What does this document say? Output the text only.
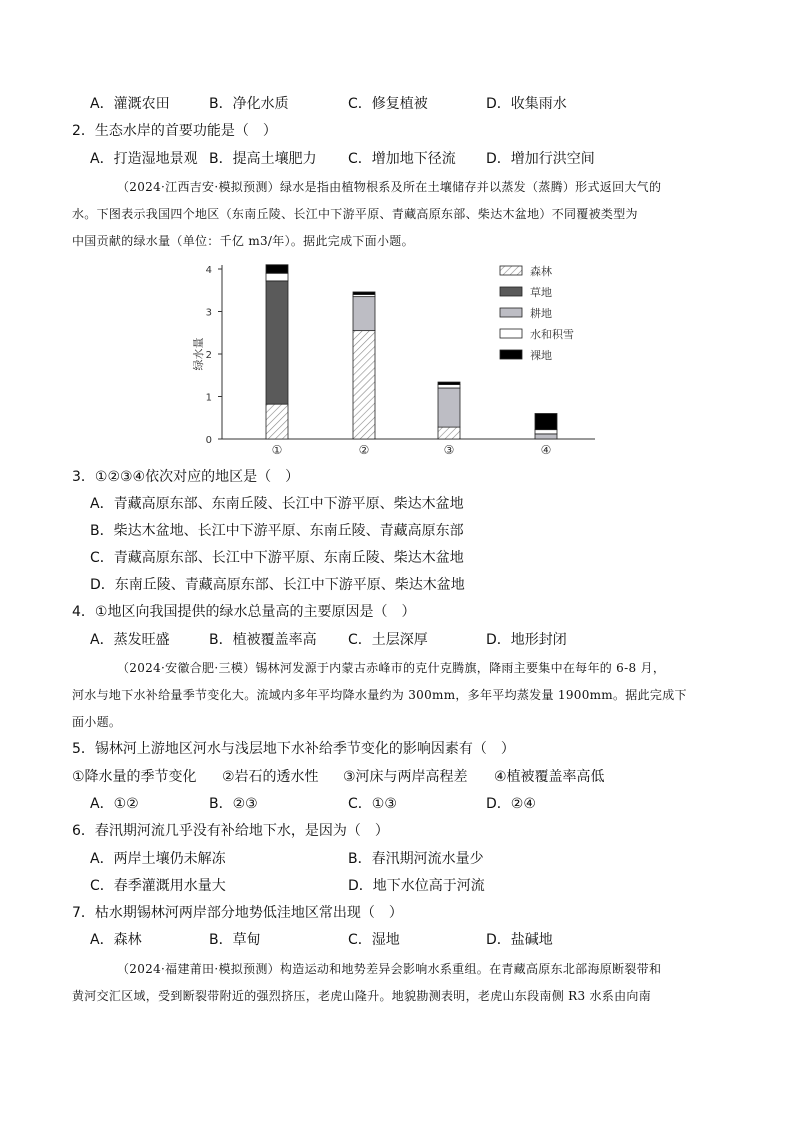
A．灌溉农田	B．净化水质	C．修复植被	D．收集雨水
2．生态水岸的首要功能是（　）
A．打造湿地景观 B．提高土壤肥力 C．增加地下径流 D．增加行洪空间
（2024·江西吉安·模拟预测）绿水是指由植物根系及所在土壤储存并以蒸发（蒸腾）形式返回大气的
水。下图表示我国四个地区（东南丘陵、长江中下游平原、青藏高原东部、柴达木盆地）不同覆被类型为
中国贡献的绿水量（单位：千亿 m3/年）。据此完成下面小题。
0
1
2
3
4
绿水量
①	②	③	④
森林
草地
耕地
水和积雪
裸地
3．①②③④依次对应的地区是（　）
A．青藏高原东部、东南丘陵、长江中下游平原、柴达木盆地
B．柴达木盆地、长江中下游平原、东南丘陵、青藏高原东部
C．青藏高原东部、长江中下游平原、东南丘陵、柴达木盆地
D．东南丘陵、青藏高原东部、长江中下游平原、柴达木盆地
4．①地区向我国提供的绿水总量高的主要原因是（　）
A．蒸发旺盛	B．植被覆盖率高 C．土层深厚	D．地形封闭
（2024·安徽合肥·三模）锡林河发源于内蒙古赤峰市的克什克腾旗，降雨主要集中在每年的 6-8 月，
河水与地下水补给量季节变化大。流域内多年平均降水量约为 300mm，多年平均蒸发量 1900mm。据此完成下
面小题。
5．锡林河上游地区河水与浅层地下水补给季节变化的影响因素有（　）
①降水量的季节变化 ②岩石的透水性 ③河床与两岸高程差 ④植被覆盖率高低
A．①②	B．②③	C．①③	D．②④
6．春汛期河流几乎没有补给地下水，是因为（　）
A．两岸土壤仍未解冻	B．春汛期河流水量少
C．春季灌溉用水量大	D．地下水位高于河流
7．枯水期锡林河两岸部分地势低洼地区常出现（　）
A．森林	B．草甸	C．湿地	D．盐碱地
（2024·福建莆田·模拟预测）构造运动和地势差异会影响水系重组。在青藏高原东北部海原断裂带和
黄河交汇区域，受到断裂带附近的强烈挤压，老虎山隆升。地貌勘测表明，老虎山东段南侧 R3 水系由向南
